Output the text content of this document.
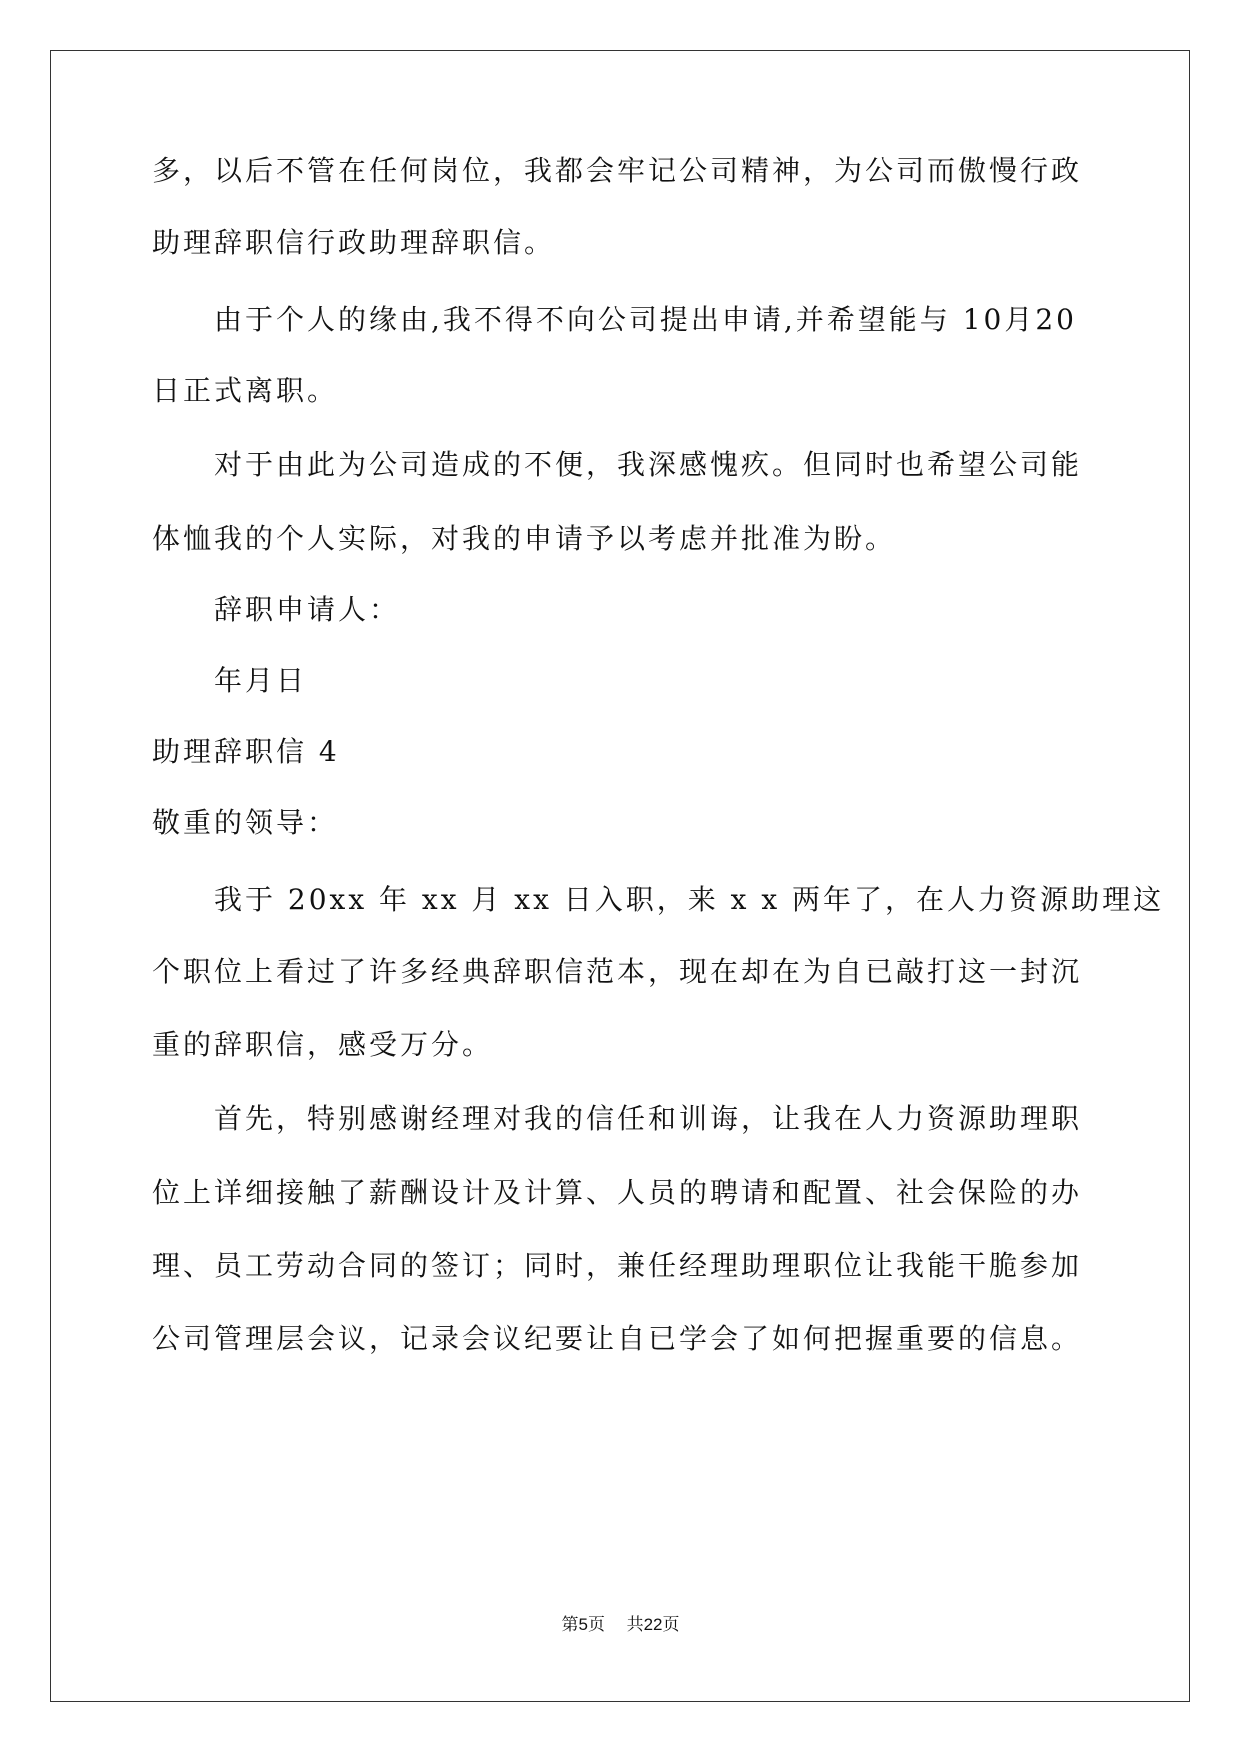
多，以后不管在任何岗位，我都会牢记公司精神，为公司而傲慢行政
助理辞职信行政助理辞职信。
由于个人的缘由,我不得不向公司提出申请,并希望能与 10月20
日正式离职。
对于由此为公司造成的不便，我深感愧疚。但同时也希望公司能
体恤我的个人实际，对我的申请予以考虑并批准为盼。
辞职申请人：
年月日
助理辞职信 4
敬重的领导：
我于 20xx 年 xx 月 xx 日入职，来 x x 两年了，在人力资源助理这
个职位上看过了许多经典辞职信范本，现在却在为自已敲打这一封沉
重的辞职信，感受万分。
首先，特别感谢经理对我的信任和训诲，让我在人力资源助理职
位上详细接触了薪酬设计及计算、人员的聘请和配置、社会保险的办
理、员工劳动合同的签订；同时，兼任经理助理职位让我能干脆参加
公司管理层会议，记录会议纪要让自已学会了如何把握重要的信息。
第5页 共22页
